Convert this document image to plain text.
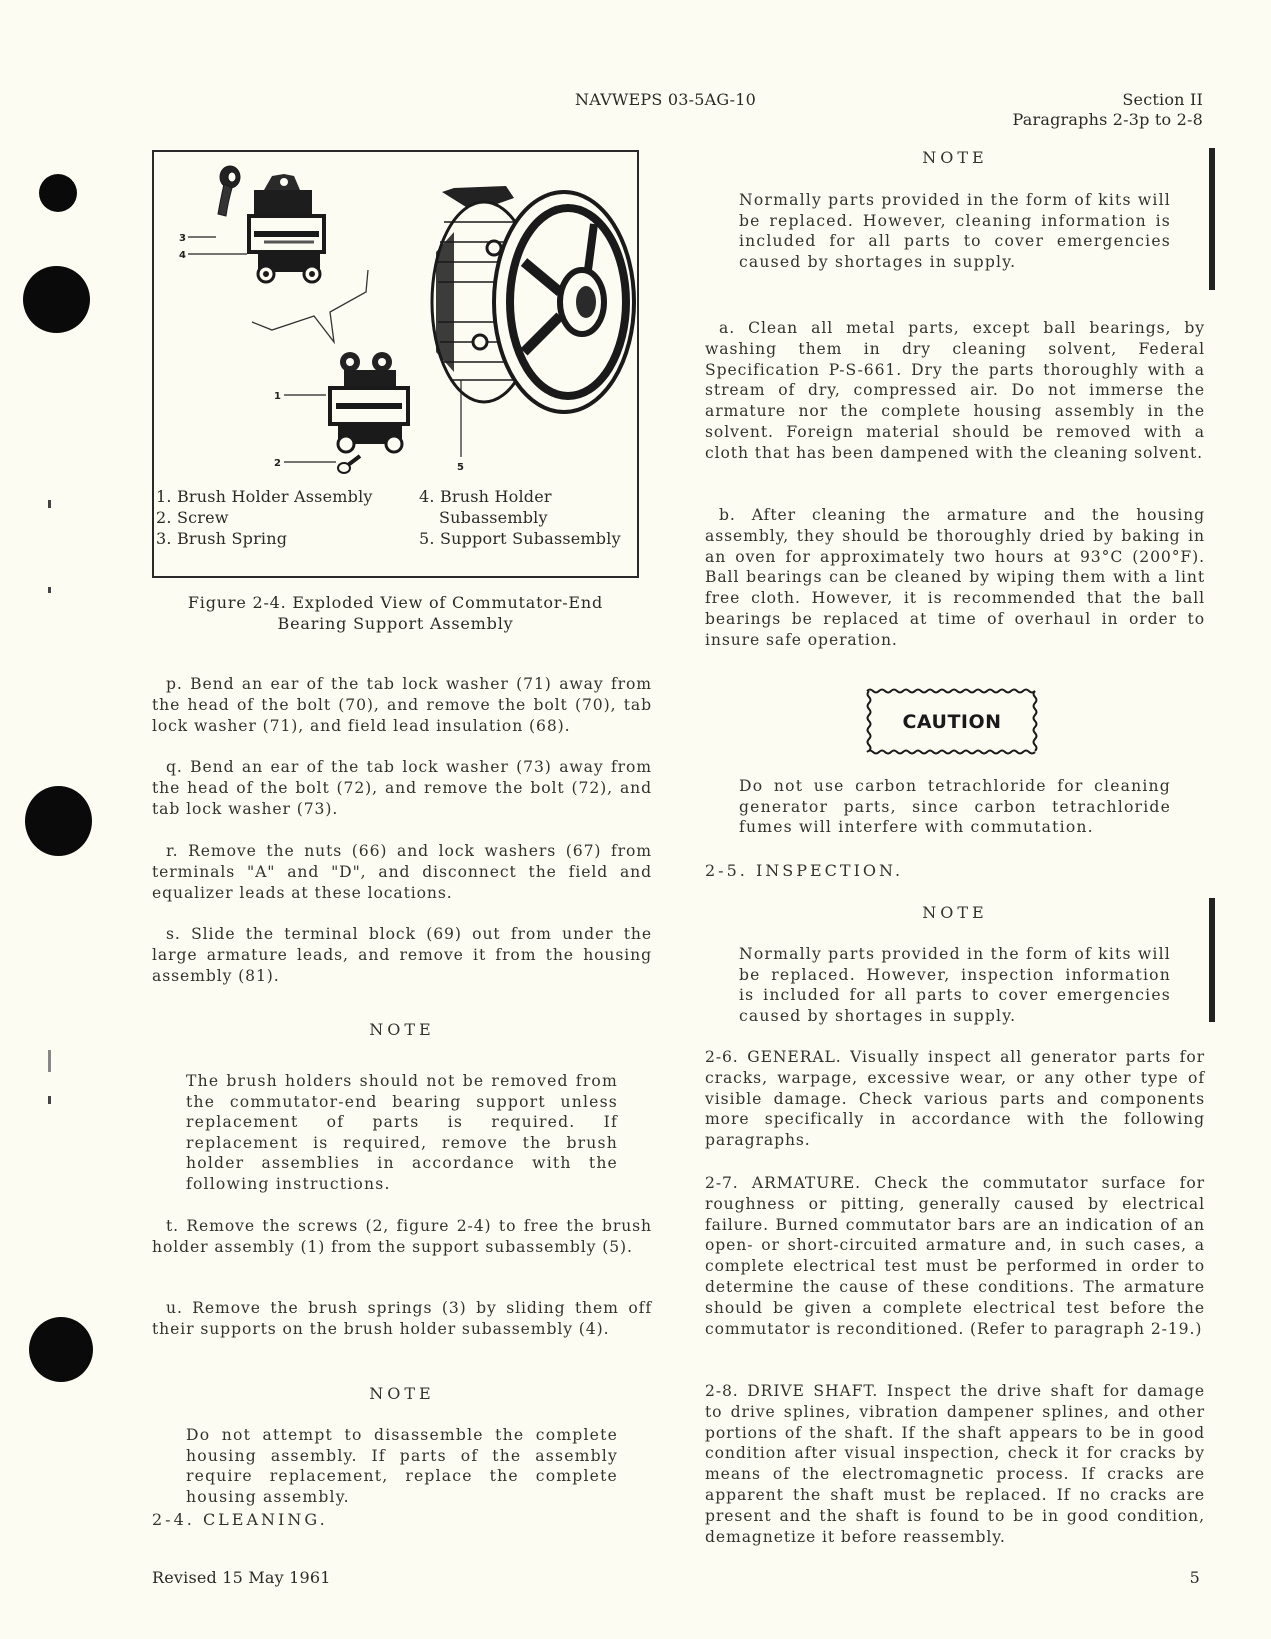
NAVWEPS 03-5AG-10	Section II
Paragraphs 2-3p to 2-8
3
4
1
2	5
1. Brush Holder Assembly
2. Screw
3. Brush Spring
4. Brush Holder
Subassembly
5. Support Subassembly
Figure 2-4. Exploded View of Commutator-End
Bearing Support Assembly
p. Bend an ear of the tab lock washer (71) away from the head of the bolt (70), and remove the bolt (70), tab lock washer (71), and field lead insulation (68).
q. Bend an ear of the tab lock washer (73) away from the head of the bolt (72), and remove the bolt (72), and tab lock washer (73).
r. Remove the nuts (66) and lock washers (67) from terminals "A" and "D", and disconnect the field and equalizer leads at these locations.
s. Slide the terminal block (69) out from under the large armature leads, and remove it from the housing assembly (81).
NOTE
The brush holders should not be removed from the commutator-end bearing support unless replacement of parts is required. If replacement is required, remove the brush holder assemblies in accordance with the following instructions.
t. Remove the screws (2, figure 2-4) to free the brush holder assembly (1) from the support subassembly (5).
u. Remove the brush springs (3) by sliding them off their supports on the brush holder subassembly (4).
NOTE
Do not attempt to disassemble the complete housing assembly. If parts of the assembly require replacement, replace the complete housing assembly.
2-4. CLEANING.
NOTE
Normally parts provided in the form of kits will be replaced. However, cleaning information is included for all parts to cover emergencies caused by shortages in supply.
a. Clean all metal parts, except ball bearings, by washing them in dry cleaning solvent, Federal Specification P-S-661. Dry the parts thoroughly with a stream of dry, compressed air. Do not immerse the armature nor the complete housing assembly in the solvent. Foreign material should be removed with a cloth that has been dampened with the cleaning solvent.
b. After cleaning the armature and the housing assembly, they should be thoroughly dried by baking in an oven for approximately two hours at 93°C (200°F). Ball bearings can be cleaned by wiping them with a lint free cloth. However, it is recommended that the ball bearings be replaced at time of overhaul in order to insure safe operation.
CAUTION
Do not use carbon tetrachloride for cleaning generator parts, since carbon tetrachloride fumes will interfere with commutation.
2-5. INSPECTION.
NOTE
Normally parts provided in the form of kits will be replaced. However, inspection information is included for all parts to cover emergencies caused by shortages in supply.
2-6. GENERAL. Visually inspect all generator parts for cracks, warpage, excessive wear, or any other type of visible damage. Check various parts and components more specifically in accordance with the following paragraphs.
2-7. ARMATURE. Check the commutator surface for roughness or pitting, generally caused by electrical failure. Burned commutator bars are an indication of an open- or short-circuited armature and, in such cases, a complete electrical test must be performed in order to determine the cause of these conditions. The armature should be given a complete electrical test before the commutator is reconditioned. (Refer to paragraph 2-19.)
2-8. DRIVE SHAFT. Inspect the drive shaft for damage to drive splines, vibration dampener splines, and other portions of the shaft. If the shaft appears to be in good condition after visual inspection, check it for cracks by means of the electromagnetic process. If cracks are apparent the shaft must be replaced. If no cracks are present and the shaft is found to be in good condition, demagnetize it before reassembly.
Revised 15 May 1961	5
